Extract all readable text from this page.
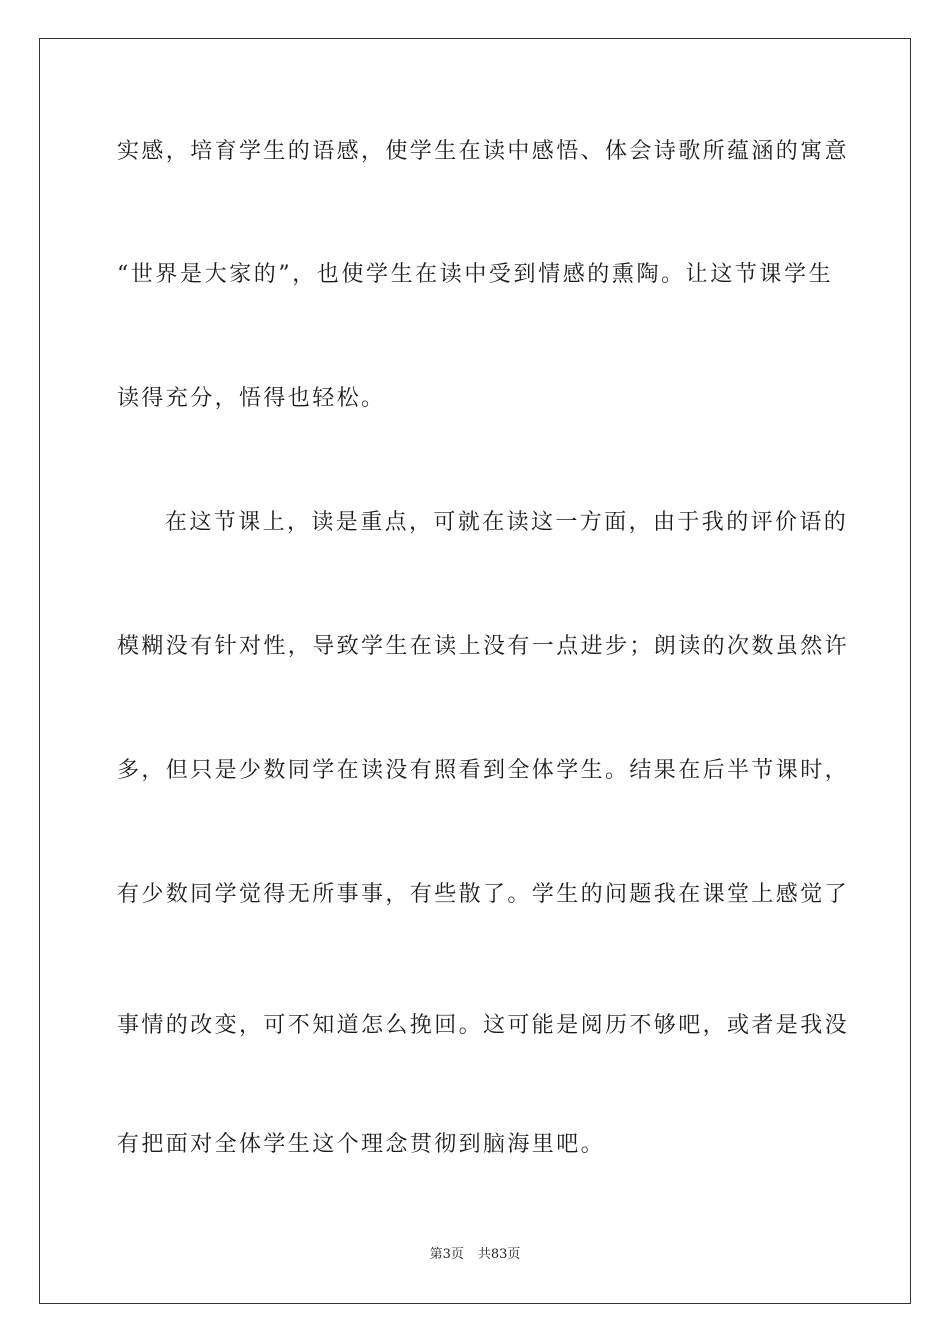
实感，培育学生的语感，使学生在读中感悟、体会诗歌所蕴涵的寓意
“世界是大家的”，也使学生在读中受到情感的熏陶。让这节课学生
读得充分，悟得也轻松。
在这节课上，读是重点，可就在读这一方面，由于我的评价语的
模糊没有针对性，导致学生在读上没有一点进步；朗读的次数虽然许
多，但只是少数同学在读没有照看到全体学生。结果在后半节课时，
有少数同学觉得无所事事，有些散了。学生的问题我在课堂上感觉了
事情的改变，可不知道怎么挽回。这可能是阅历不够吧，或者是我没
有把面对全体学生这个理念贯彻到脑海里吧。
第3页 共83页
